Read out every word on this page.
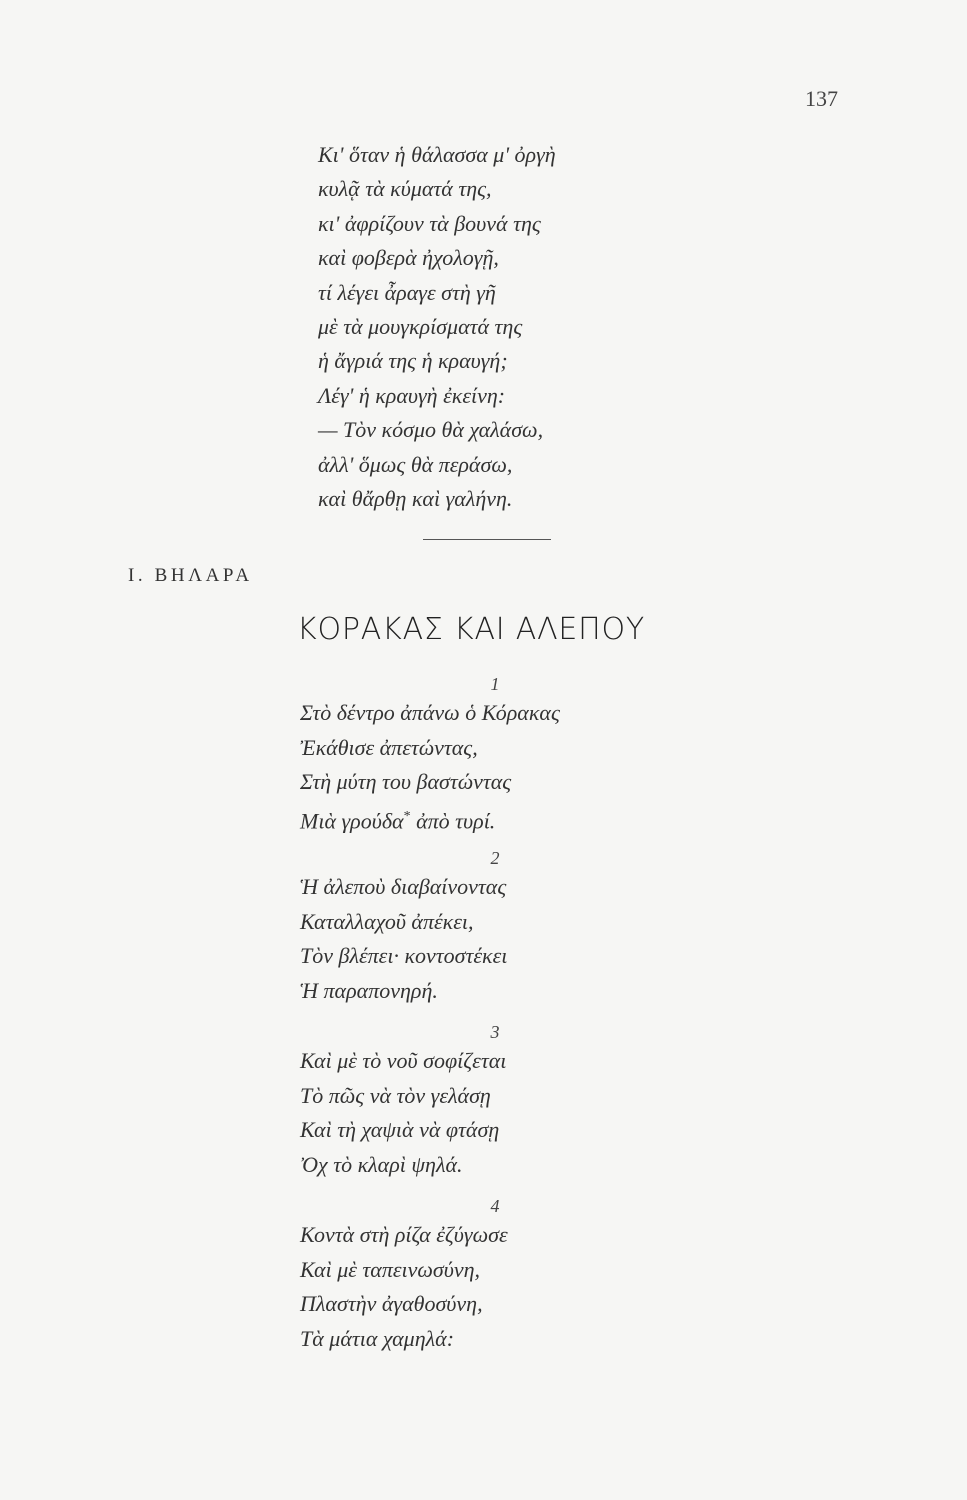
137
Κι' ὅταν ἡ θάλασσα μ' ὀργὴ
κυλᾷ τὰ κύματά της,
κι' ἀφρίζουν τὰ βουνά της
καὶ φοβερὰ ἠχολογῇ,
τί λέγει ἆραγε στὴ γῆ
μὲ τὰ μουγκρίσματά της
ἡ ἄγριά της ἡ κραυγή;
Λέγ' ἡ κραυγὴ ἐκείνη:
— Τὸν κόσμο θὰ χαλάσω,
ἀλλ' ὅμως θὰ περάσω,
καὶ θἄρθῃ καὶ γαλήνη.
Ι. ΒΗΛΑΡΑ
ΚΟΡΑΚΑΣ ΚΑΙ ΑΛΕΠΟΥ
1
Στὸ δέντρο ἀπάνω ὁ Κόρακας
Ἐκάθισε ἀπετώντας,
Στὴ μύτη του βαστώντας
Μιὰ γρούδα* ἀπὸ τυρί.
2
Ἡ ἀλεποὺ διαβαίνοντας
Καταλλαχοῦ ἀπέκει,
Τὸν βλέπει· κοντοστέκει
Ἡ παραπονηρή.
3
Καὶ μὲ τὸ νοῦ σοφίζεται
Τὸ πῶς νὰ τὸν γελάσῃ
Καὶ τὴ χαψιὰ νὰ φτάσῃ
Ὀχ τὸ κλαρὶ ψηλά.
4
Κοντὰ στὴ ρίζα ἐζύγωσε
Καὶ μὲ ταπεινωσύνη,
Πλαστὴν ἀγαθοσύνη,
Τὰ μάτια χαμηλά:
